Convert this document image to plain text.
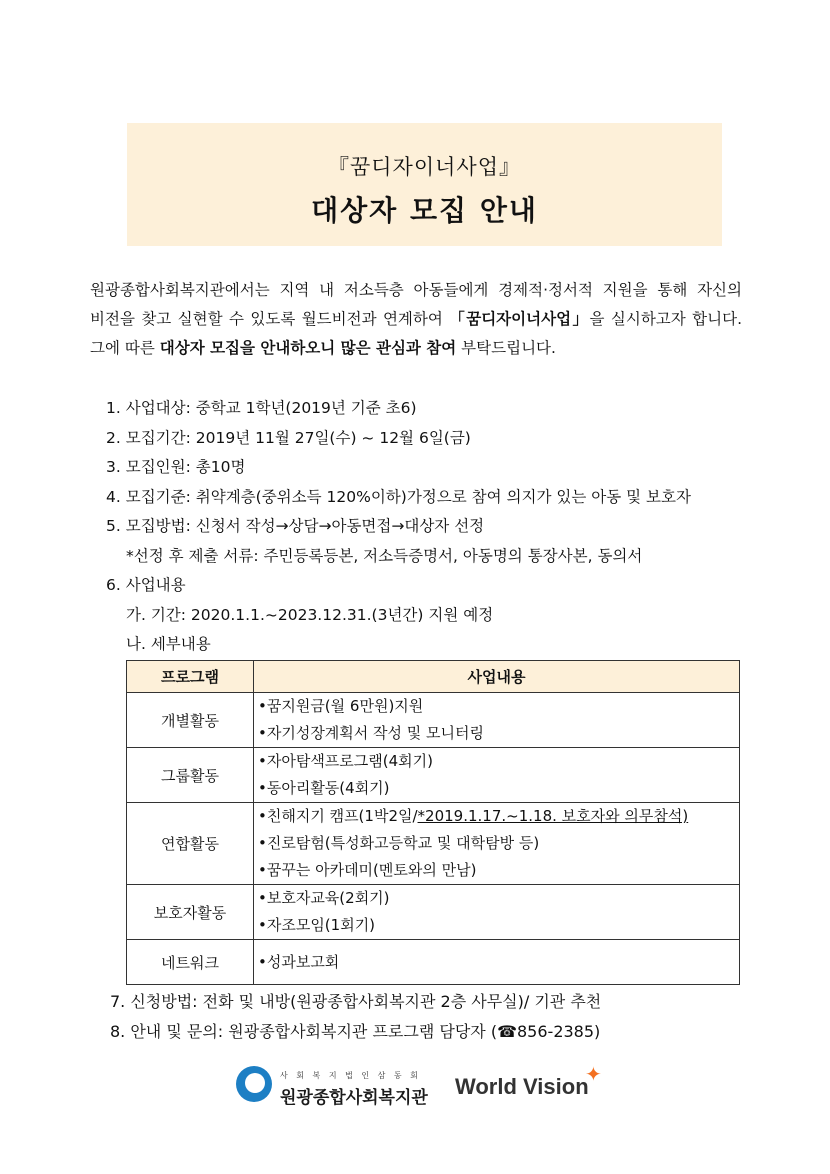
『꿈디자이너사업』
대상자 모집 안내
원광종합사회복지관에서는 지역 내 저소득층 아동들에게 경제적·정서적 지원을 통해 자신의 비전을 찾고 실현할 수 있도록 월드비전과 연계하여 「꿈디자이너사업」을 실시하고자 합니다. 그에 따른 대상자 모집을 안내하오니 많은 관심과 참여 부탁드립니다.
1. 사업대상: 중학교 1학년(2019년 기준 초6)
2. 모집기간: 2019년 11월 27일(수) ~ 12월 6일(금)
3. 모집인원: 총10명
4. 모집기준: 취약계층(중위소득 120%이하)가정으로 참여 의지가 있는 아동 및 보호자
5. 모집방법: 신청서 작성→상담→아동면접→대상자 선정
*선정 후 제출 서류: 주민등록등본, 저소득증명서, 아동명의 통장사본, 동의서
6. 사업내용
가. 기간: 2020.1.1.~2023.12.31.(3년간) 지원 예정
나. 세부내용
프로그램	사업내용
개별활동	•꿈지원금(월 6만원)지원
•자기성장계획서 작성 및 모니터링

그룹활동	•자아탐색프로그램(4회기)
•동아리활동(4회기)

연합활동	•친해지기 캠프(1박2일/*2019.1.17.~1.18. 보호자와 의무참석)
•진로탐험(특성화고등학교 및 대학탐방 등)
•꿈꾸는 아카데미(멘토와의 만남)

보호자활동	•보호자교육(2회기)
•자조모임(1회기)

네트워크	•성과보고회
7. 신청방법: 전화 및 내방(원광종합사회복지관 2층 사무실)/ 기관 추천
8. 안내 및 문의: 원광종합사회복지관 프로그램 담당자 (☎856-2385)
사 회 복 지 법 인 삼 동 회
원광종합사회복지관 World Vision
✦
